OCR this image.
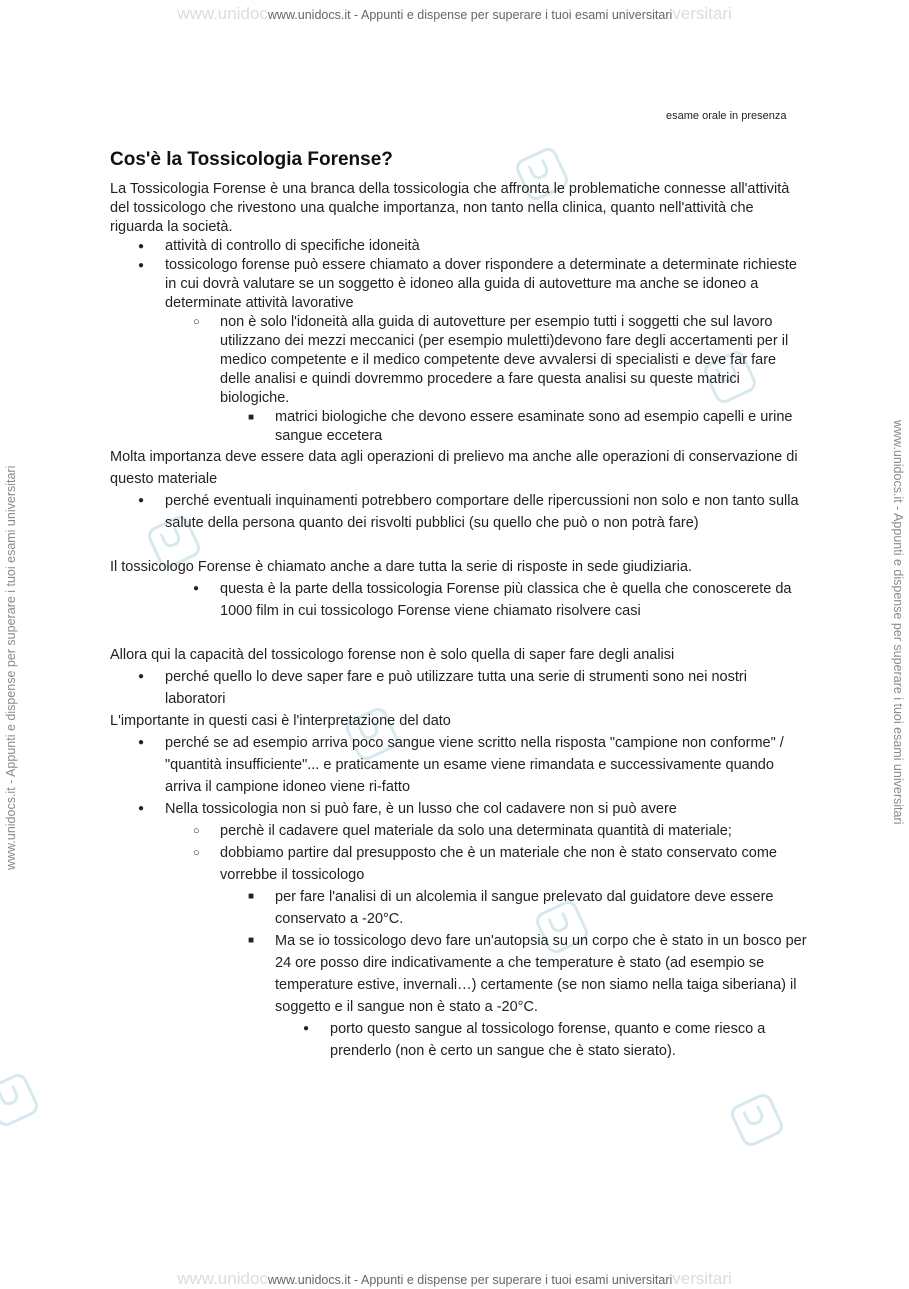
www.unidocwww.unidocs.it - Appunti e dispense per superare i tuoi esami universitariversitari
www.unidocwww.unidocs.it - Appunti e dispense per superare i tuoi esami universitariversitari
www.unidocs.it - Appunti e dispense per superare i tuoi esami universitari	www.unidocs.it - Appunti e dispense per superare i tuoi esami universitari
esame orale in presenza
Cos'è la Tossicologia Forense?

La Tossicologia Forense è una branca della tossicologia che affronta le problematiche connesse all'attività del tossicologo che rivestono una qualche importanza, non tanto nella clinica, quanto nell'attività che riguarda la società.

● attività di controllo di specifiche idoneità
● tossicologo forense può essere chiamato a dover rispondere a determinate a determinate richieste in cui dovrà valutare se un soggetto è idoneo alla guida di autovetture ma anche se idoneo a determinate attività lavorative
○ non è solo l'idoneità alla guida di autovetture per esempio tutti i soggetti che sul lavoro utilizzano dei mezzi meccanici (per esempio muletti)devono fare degli accertamenti per il medico competente e il medico competente deve avvalersi di specialisti e deve far fare delle analisi e quindi dovremmo procedere a fare questa analisi su queste matrici biologiche.
■ matrici biologiche che devono essere esaminate sono ad esempio capelli e urine sangue eccetera

Molta importanza deve essere data agli operazioni di prelievo ma anche alle operazioni di conservazione di questo materiale

● perché eventuali inquinamenti potrebbero comportare delle ripercussioni non solo e non tanto sulla salute della persona quanto dei risvolti pubblici (su quello che può o non potrà fare)

Il tossicologo Forense è chiamato anche a dare tutta la serie di risposte in sede giudiziaria.

● questa è la parte della tossicologia Forense più classica che è quella che conoscerete da 1000 film in cui tossicologo Forense viene chiamato risolvere casi

Allora qui la capacità del tossicologo forense non è solo quella di saper fare degli analisi

● perché quello lo deve saper fare e può utilizzare tutta una serie di strumenti sono nei nostri laboratori

L'importante in questi casi è l'interpretazione del dato

● perché se ad esempio arriva poco sangue viene scritto nella risposta "campione non conforme" / "quantità insufficiente"... e praticamente un esame viene rimandata e successivamente quando arriva il campione idoneo viene ri-fatto
● Nella tossicologia non si può fare, è un lusso che col cadavere non si può avere
○ perchè il cadavere quel materiale da solo una determinata quantità di materiale;
○ dobbiamo partire dal presupposto che è un materiale che non è stato conservato come vorrebbe il tossicologo
■ per fare l'analisi di un alcolemia il sangue prelevato dal guidatore deve essere conservato a -20°C.
■ Ma se io tossicologo devo fare un'autopsia su un corpo che è stato in un bosco per 24 ore posso dire indicativamente a che temperature è stato (ad esempio se temperature estive, invernali…) certamente (se non siamo nella taiga siberiana) il soggetto e il sangue non è stato a -20°C.
● porto questo sangue al tossicologo forense, quanto e come riesco a prenderlo (non è certo un sangue che è stato sierato).
